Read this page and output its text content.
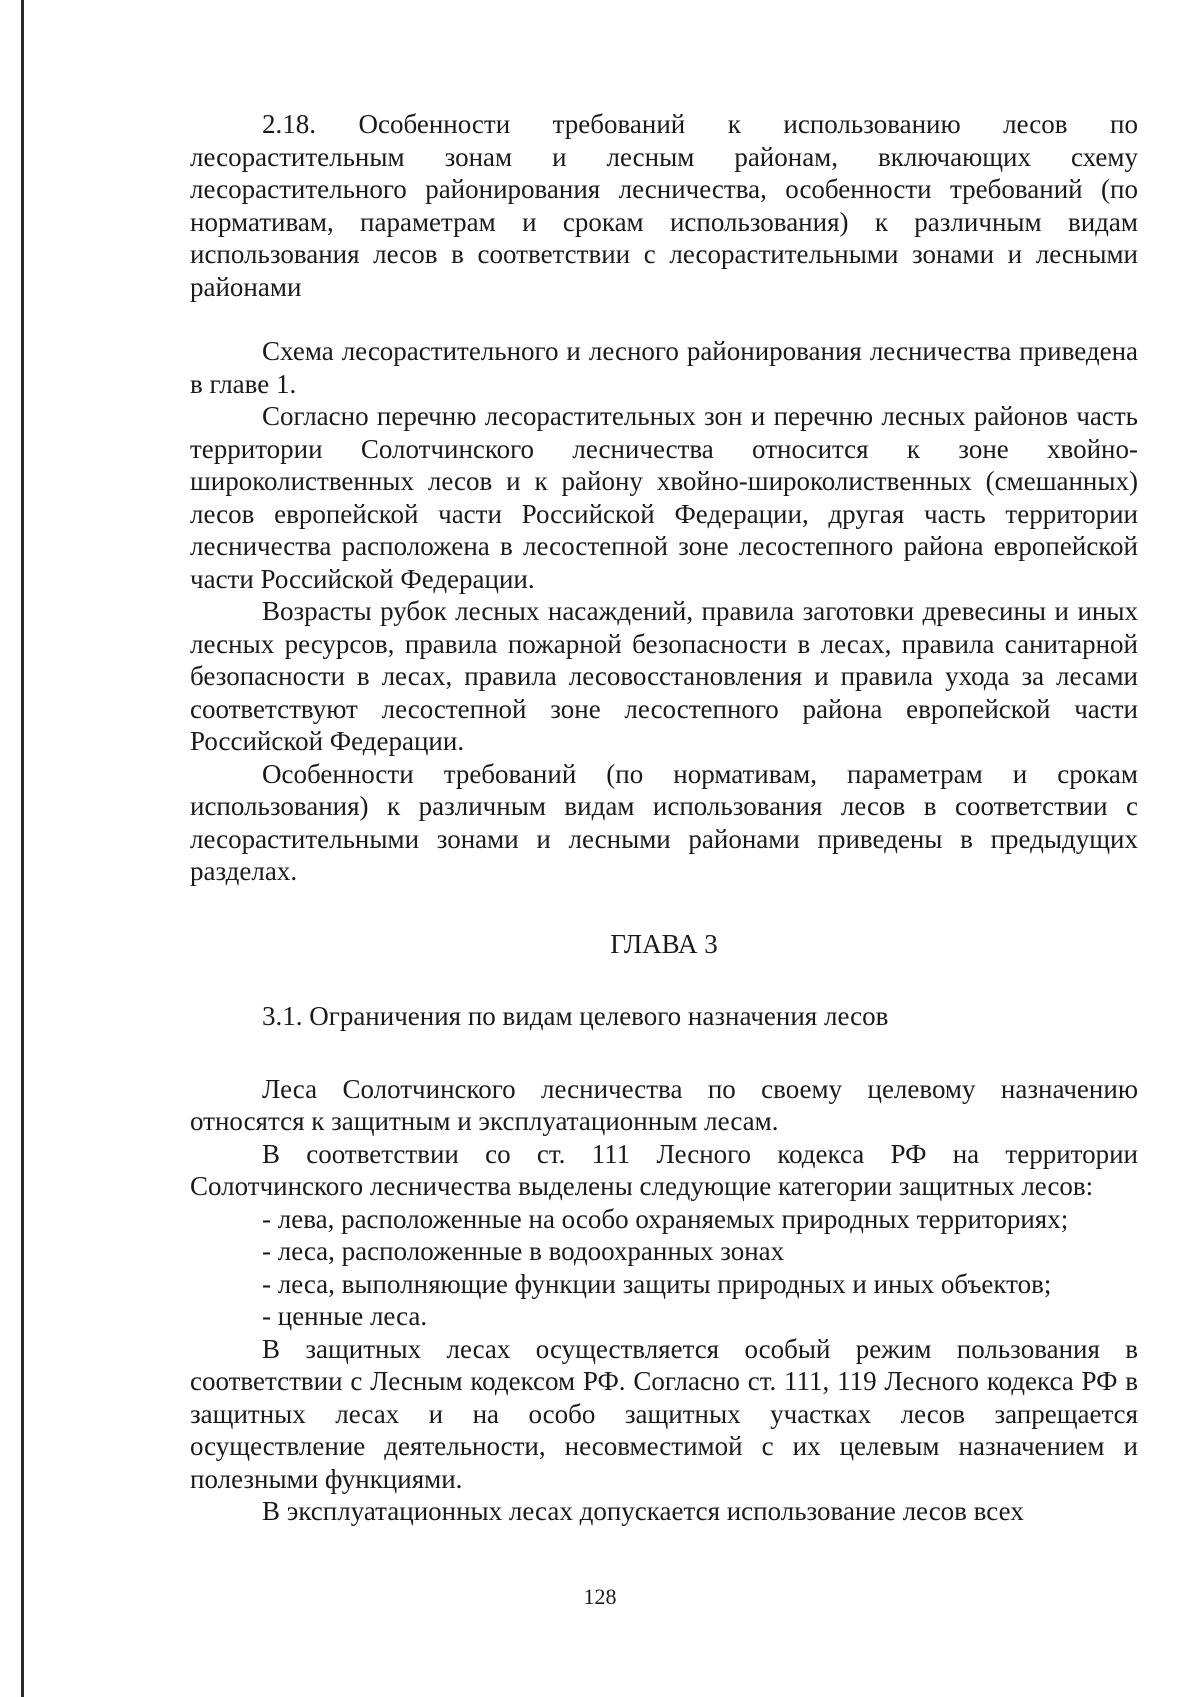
2.18. Особенности требований к использованию лесов по лесорастительным зонам и лесным районам, включающих схему лесорастительного районирования лесничества, особенности требований (по нормативам, параметрам и срокам использования) к различным видам использования лесов в соответствии с лесорастительными зонами и лесными районами

Схема лесорастительного и лесного районирования лесничества приведена в главе 1.

Согласно перечню лесорастительных зон и перечню лесных районов часть территории Солотчинского лесничества относится к зоне хвойно-широколиственных лесов и к району хвойно-широколиственных (смешанных) лесов европейской части Российской Федерации, другая часть территории лесничества расположена в лесостепной зоне лесостепного района европейской части Российской Федерации.

Возрасты рубок лесных насаждений, правила заготовки древесины и иных лесных ресурсов, правила пожарной безопасности в лесах, правила санитарной безопасности в лесах, правила лесовосстановления и правила ухода за лесами соответствуют лесостепной зоне лесостепного района европейской части Российской Федерации.

Особенности требований (по нормативам, параметрам и срокам использования) к различным видам использования лесов в соответствии с лесорастительными зонами и лесными районами приведены в предыдущих разделах.

ГЛАВА 3

3.1. Ограничения по видам целевого назначения лесов

Леса Солотчинского лесничества по своему целевому назначению относятся к защитным и эксплуатационным лесам.

В соответствии со ст. 111 Лесного кодекса РФ на территории Солотчинского лесничества выделены следующие категории защитных лесов:

- лева, расположенные на особо охраняемых природных территориях;

- леса, расположенные в водоохранных зонах

- леса, выполняющие функции защиты природных и иных объектов;

- ценные леса.

В защитных лесах осуществляется особый режим пользования в соответствии с Лесным кодексом РФ. Согласно ст. 111, 119 Лесного кодекса РФ в защитных лесах и на особо защитных участках лесов запрещается осуществление деятельности, несовместимой с их целевым назначением и полезными функциями.

В эксплуатационных лесах допускается использование лесов всех

128
